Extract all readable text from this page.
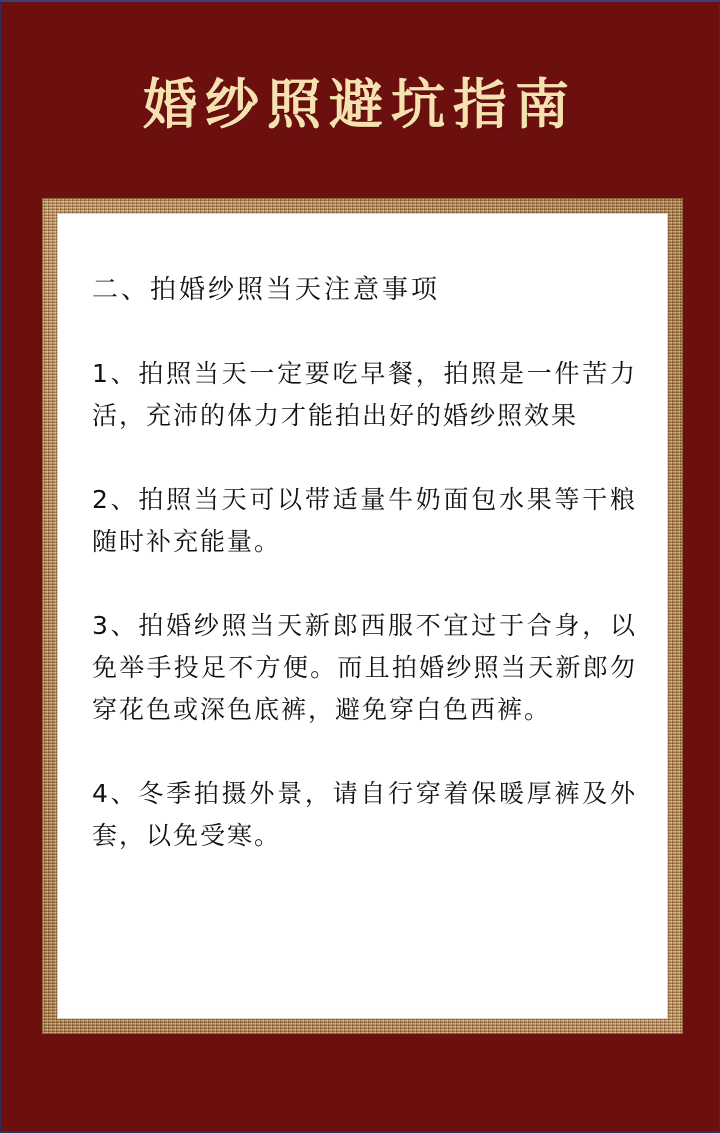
婚纱照避坑指南
二、拍婚纱照当天注意事项
1、拍照当天一定要吃早餐，拍照是一件苦力活，充沛的体力才能拍出好的婚纱照效果
2、拍照当天可以带适量牛奶面包水果等干粮随时补充能量。
3、拍婚纱照当天新郎西服不宜过于合身，以免举手投足不方便。而且拍婚纱照当天新郎勿穿花色或深色底裤，避免穿白色西裤。
4、冬季拍摄外景，请自行穿着保暖厚裤及外套，以免受寒。
